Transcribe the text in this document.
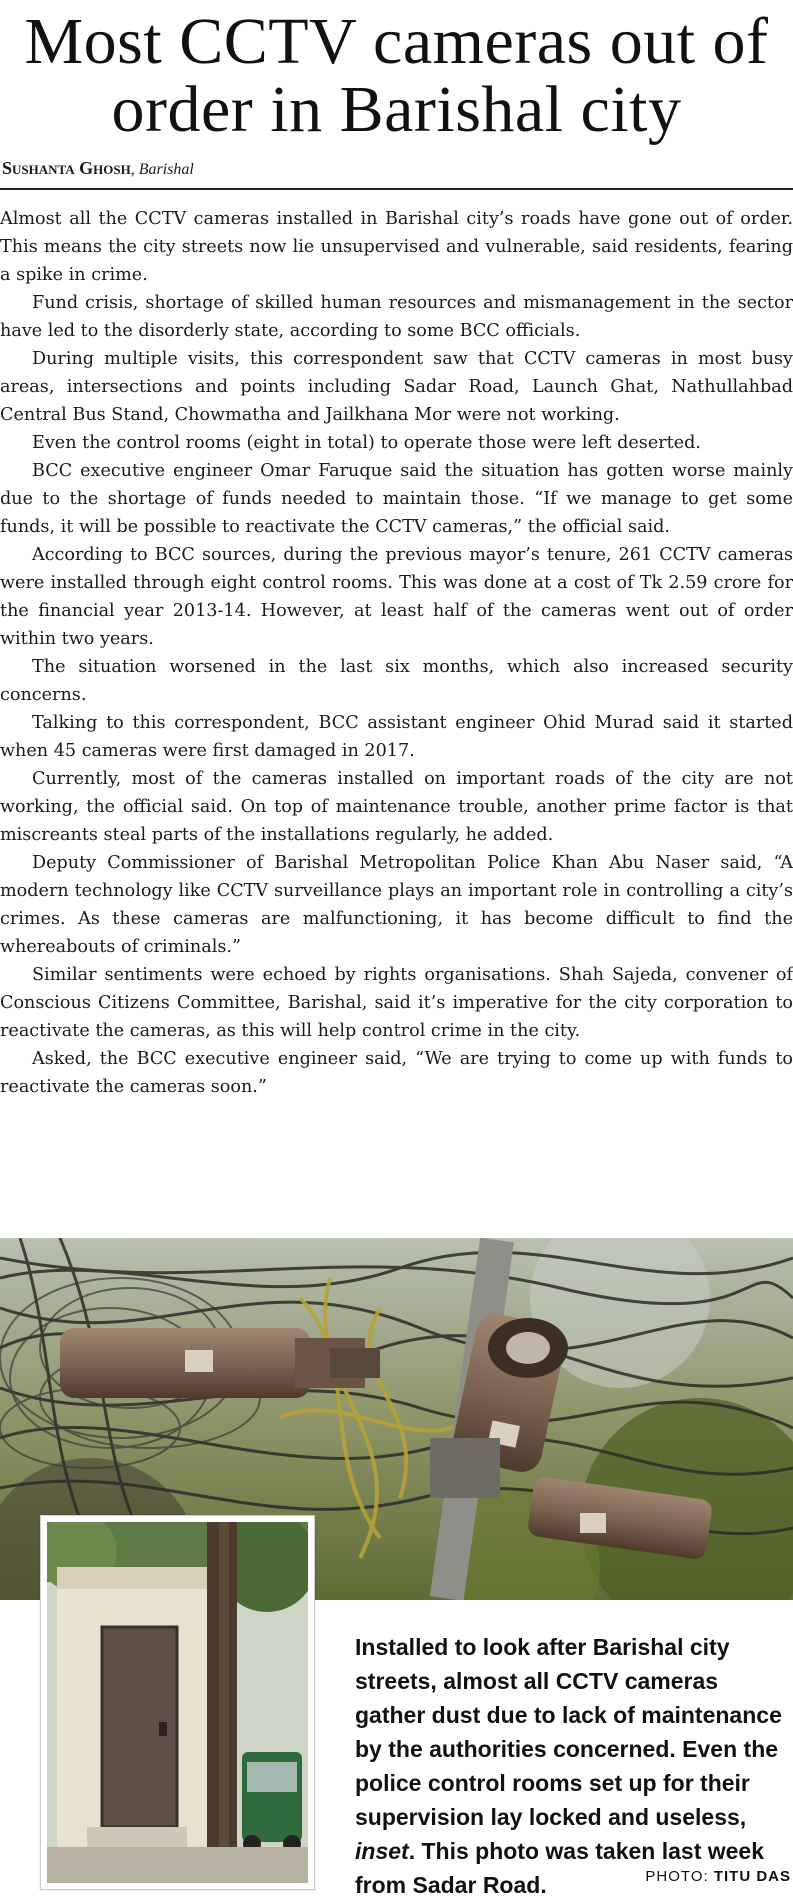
Most CCTV cameras out of order in Barishal city
Sushanta Ghosh, Barishal

Almost all the CCTV cameras installed in Barishal city’s roads have gone out of order. This means the city streets now lie unsupervised and vulnerable, said residents, fearing a spike in crime.

Fund crisis, shortage of skilled human resources and mismanagement in the sector have led to the disorderly state, according to some BCC officials.

During multiple visits, this correspondent saw that CCTV cameras in most busy areas, intersections and points including Sadar Road, Launch Ghat, Nathullahbad Central Bus Stand, Chowmatha and Jailkhana Mor were not working.

Even the control rooms (eight in total) to operate those were left deserted.

BCC executive engineer Omar Faruque said the situation has gotten worse mainly due to the shortage of funds needed to maintain those. “If we manage to get some funds, it will be possible to reactivate the CCTV cameras,” the official said.

According to BCC sources, during the previous mayor’s tenure, 261 CCTV cameras were installed through eight control rooms. This was done at a cost of Tk 2.59 crore for the financial year 2013-14. However, at least half of the cameras went out of order within two years.

The situation worsened in the last six months, which also increased security concerns.

Talking to this correspondent, BCC assistant engineer Ohid Murad said it started when 45 cameras were first damaged in 2017.

Currently, most of the cameras installed on important roads of the city are not working, the official said. On top of maintenance trouble, another prime factor is that miscreants steal parts of the installations regularly, he added.

Deputy Commissioner of Barishal Metropolitan Police Khan Abu Naser said, “A modern technology like CCTV surveillance plays an important role in controlling a city’s crimes. As these cameras are malfunctioning, it has become difficult to find the whereabouts of criminals.”

Similar sentiments were echoed by rights organisations. Shah Sajeda, convener of Conscious Citizens Committee, Barishal, said it’s imperative for the city corporation to reactivate the cameras, as this will help control crime in the city.

Asked, the BCC executive engineer said, “We are trying to come up with funds to reactivate the cameras soon.”

Installed to look after Barishal city streets, almost all CCTV cameras gather dust due to lack of maintenance by the authorities concerned. Even the police control rooms set up for their supervision lay locked and useless, inset. This photo was taken last week from Sadar Road.	PHOTO: TITU DAS
